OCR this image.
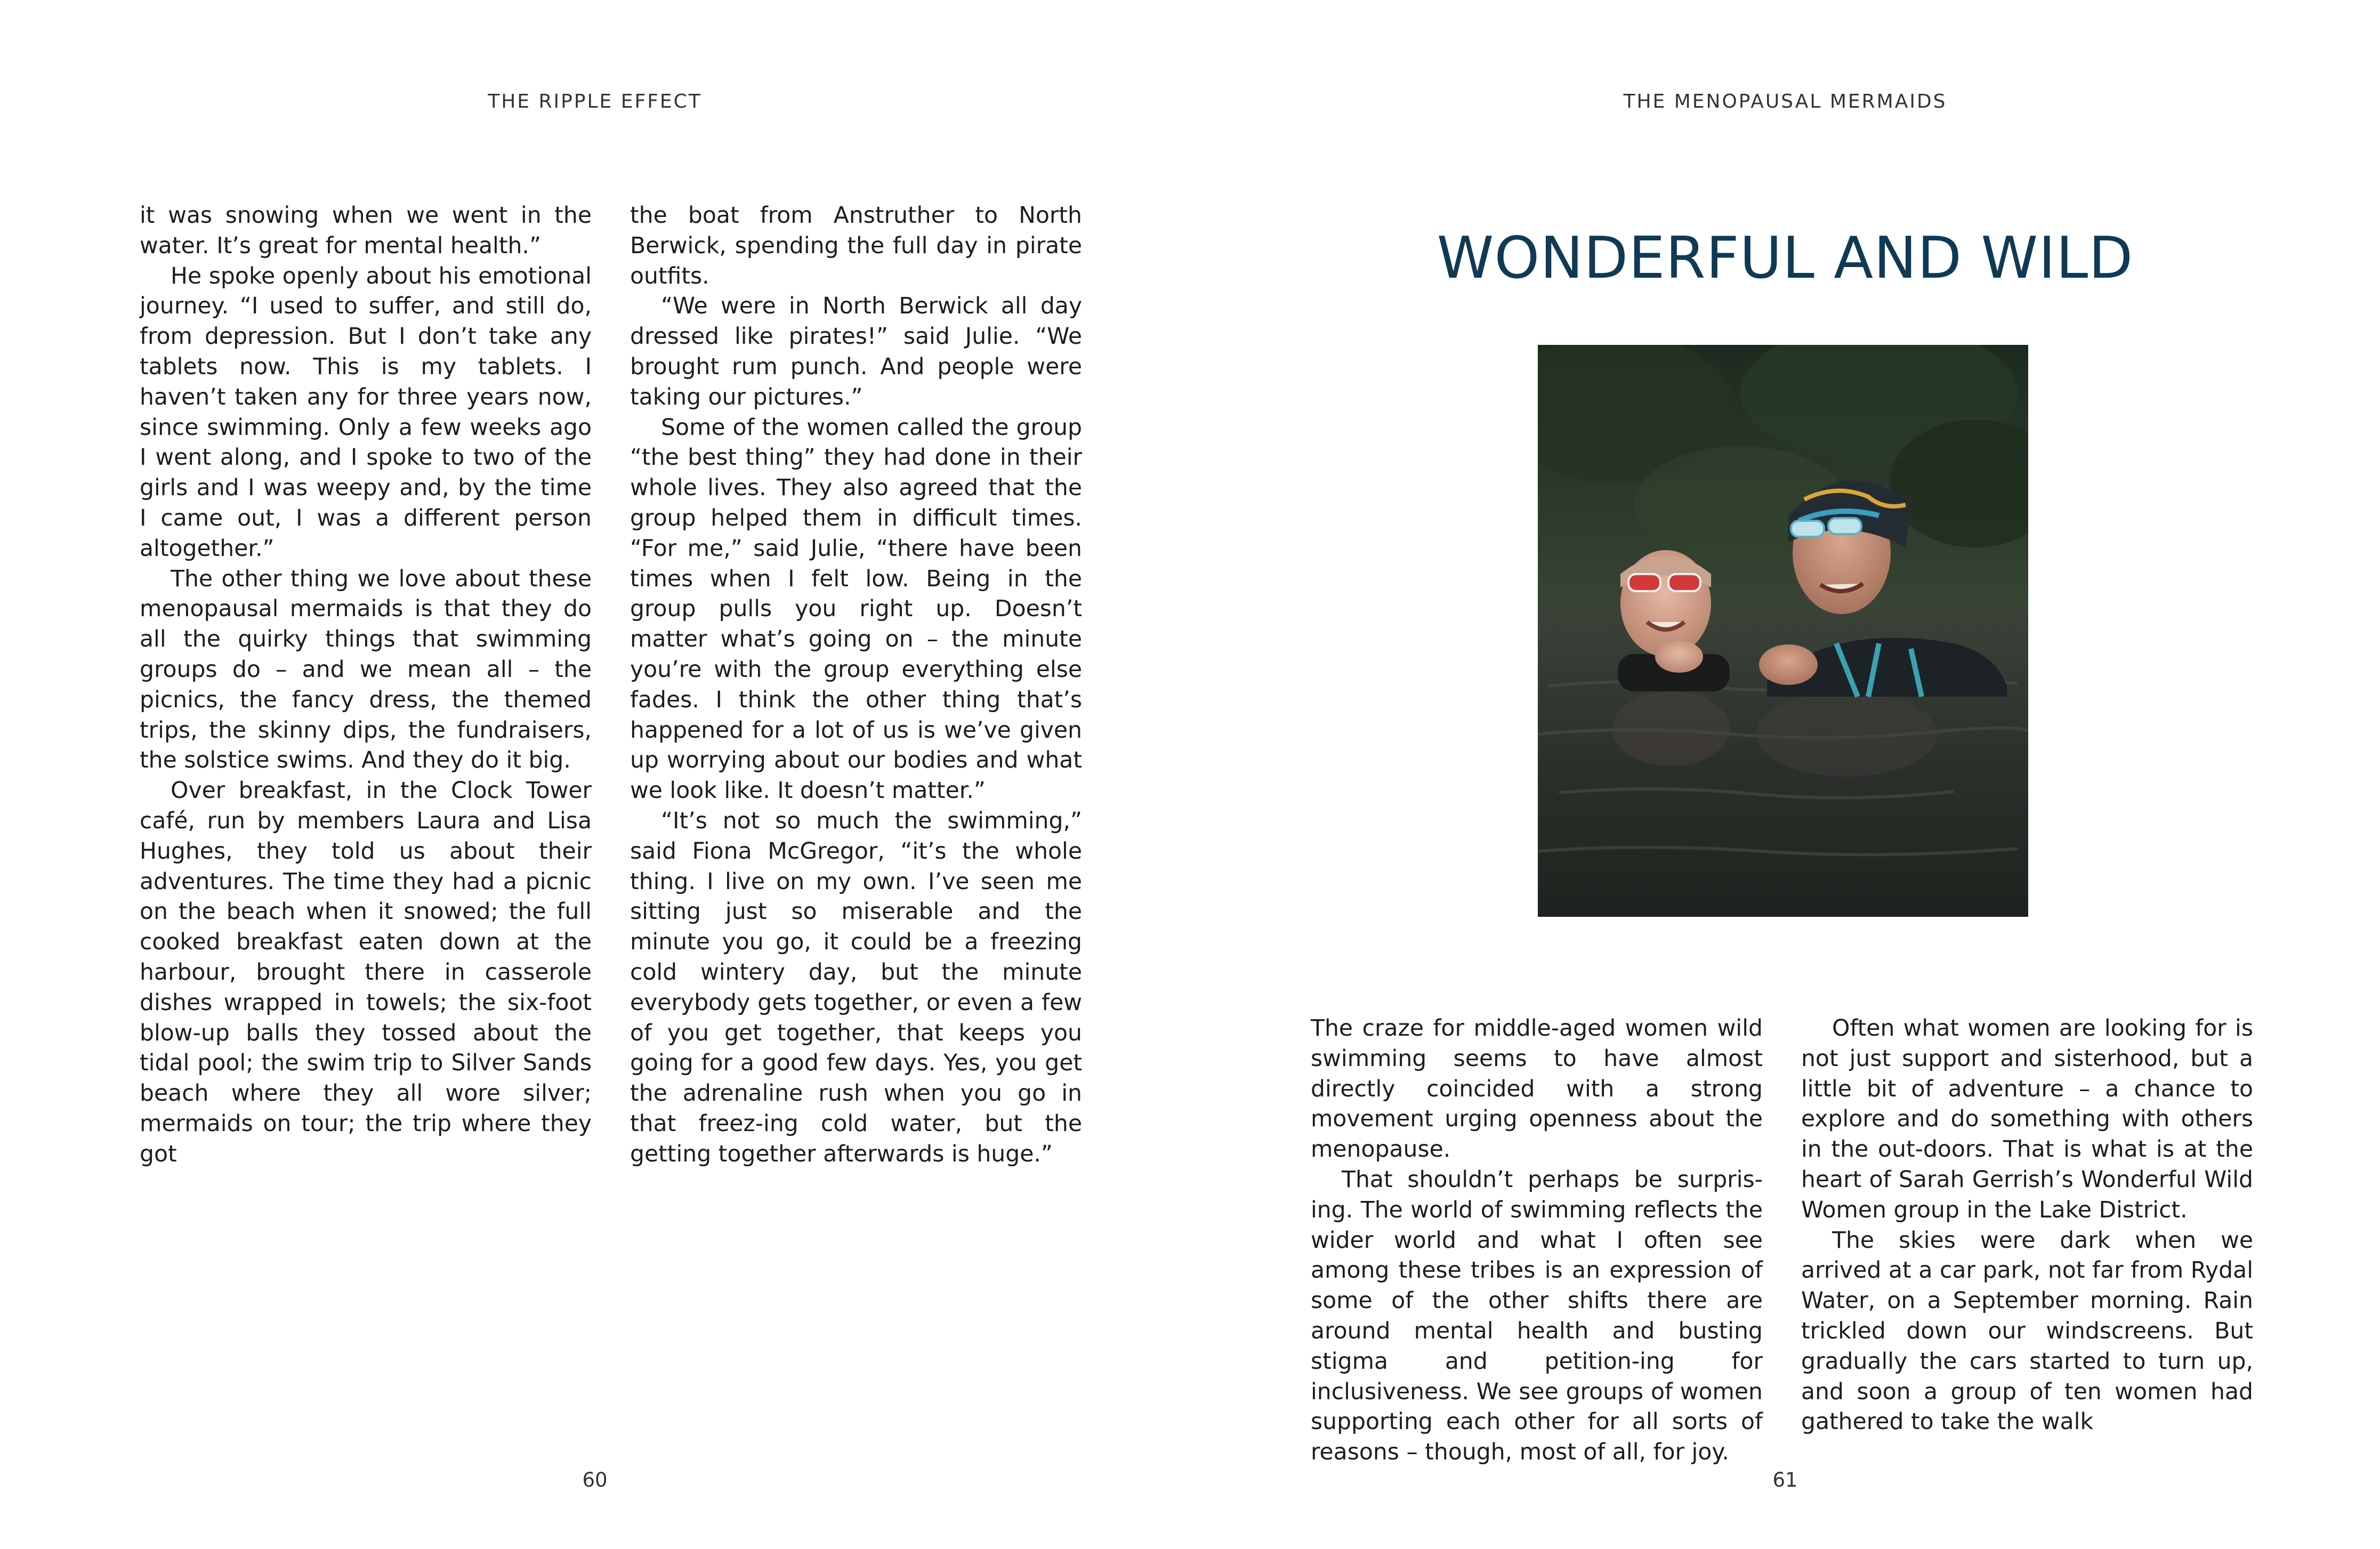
THE RIPPLE EFFECT

it was snowing when we went in the water. It’s great for mental health.”

He spoke openly about his emotional journey. “I used to suffer, and still do, from depression. But I don’t take any tablets now. This is my tablets. I haven’t taken any for three years now, since swimming. Only a few weeks ago I went along, and I spoke to two of the girls and I was weepy and, by the time I came out, I was a different person altogether.”

The other thing we love about these menopausal mermaids is that they do all the quirky things that swimming groups do – and we mean all – the picnics, the fancy dress, the themed trips, the skinny dips, the fundraisers, the solstice swims. And they do it big.

Over breakfast, in the Clock Tower café, run by members Laura and Lisa Hughes, they told us about their adventures. The time they had a picnic on the beach when it snowed; the full cooked breakfast eaten down at the harbour, brought there in casserole dishes wrapped in towels; the six-foot blow-up balls they tossed about the tidal pool; the swim trip to Silver Sands beach where they all wore silver; mermaids on tour; the trip where they got

the boat from Anstruther to North Berwick, spending the full day in pirate outfits.

“We were in North Berwick all day dressed like pirates!” said Julie. “We brought rum punch. And people were taking our pictures.”

Some of the women called the group “the best thing” they had done in their whole lives. They also agreed that the group helped them in difficult times. “For me,” said Julie, “there have been times when I felt low. Being in the group pulls you right up. Doesn’t matter what’s going on – the minute you’re with the group everything else fades. I think the other thing that’s happened for a lot of us is we’ve given up worrying about our bodies and what we look like. It doesn’t matter.”

“It’s not so much the swimming,” said Fiona McGregor, “it’s the whole thing. I live on my own. I’ve seen me sitting just so miserable and the minute you go, it could be a freezing cold wintery day, but the minute everybody gets together, or even a few of you get together, that keeps you going for a good few days. Yes, you get the adrenaline rush when you go in that freez-ing cold water, but the getting together afterwards is huge.”

60
THE MENOPAUSAL MERMAIDS
WONDERFUL AND WILD

The craze for middle-aged women wild swimming seems to have almost directly coincided with a strong movement urging openness about the menopause.

That shouldn’t perhaps be surpris-ing. The world of swimming reflects the wider world and what I often see among these tribes is an expression of some of the other shifts there are around mental health and busting stigma and petition-ing for inclusiveness. We see groups of women supporting each other for all sorts of reasons – though, most of all, for joy.

Often what women are looking for is not just support and sisterhood, but a little bit of adventure – a chance to explore and do something with others in the out-doors. That is what is at the heart of Sarah Gerrish’s Wonderful Wild Women group in the Lake District.

The skies were dark when we arrived at a car park, not far from Rydal Water, on a September morning. Rain trickled down our windscreens. But gradually the cars started to turn up, and soon a group of ten women had gathered to take the walk

61
